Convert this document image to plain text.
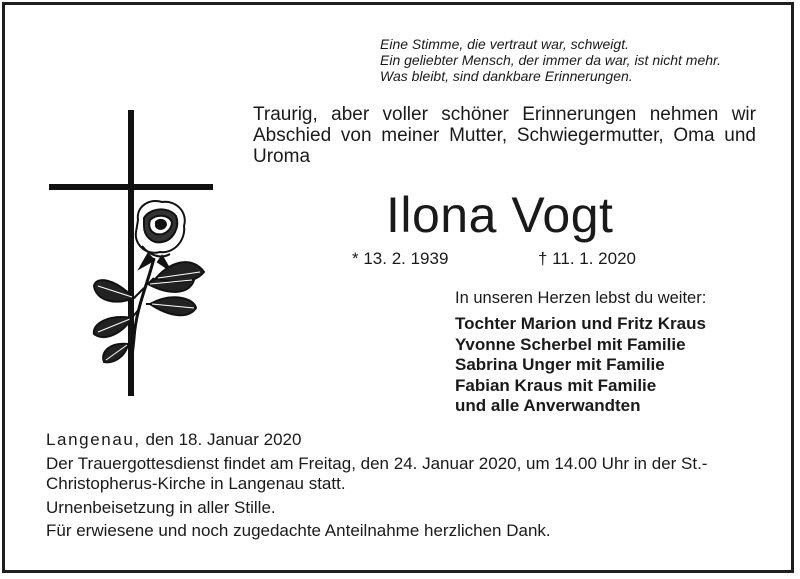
Eine Stimme, die vertraut war, schweigt.
Ein geliebter Mensch, der immer da war, ist nicht mehr.
Was bleibt, sind dankbare Erinnerungen.
Traurig, aber voller schöner Erinnerungen nehmen wir Abschied von meiner Mutter, Schwiegermutter, Oma und Uroma
Ilona Vogt
* 13. 2. 1939	† 11. 1. 2020
In unseren Herzen lebst du weiter:
Tochter Marion und Fritz Kraus
Yvonne Scherbel mit Familie
Sabrina Unger mit Familie
Fabian Kraus mit Familie
und alle Anverwandten
Langenau, den 18. Januar 2020
Der Trauergottesdienst findet am Freitag, den 24. Januar 2020, um 14.00 Uhr in der St.-Christopherus-Kirche in Langenau statt.
Urnenbeisetzung in aller Stille.
Für erwiesene und noch zugedachte Anteilnahme herzlichen Dank.
